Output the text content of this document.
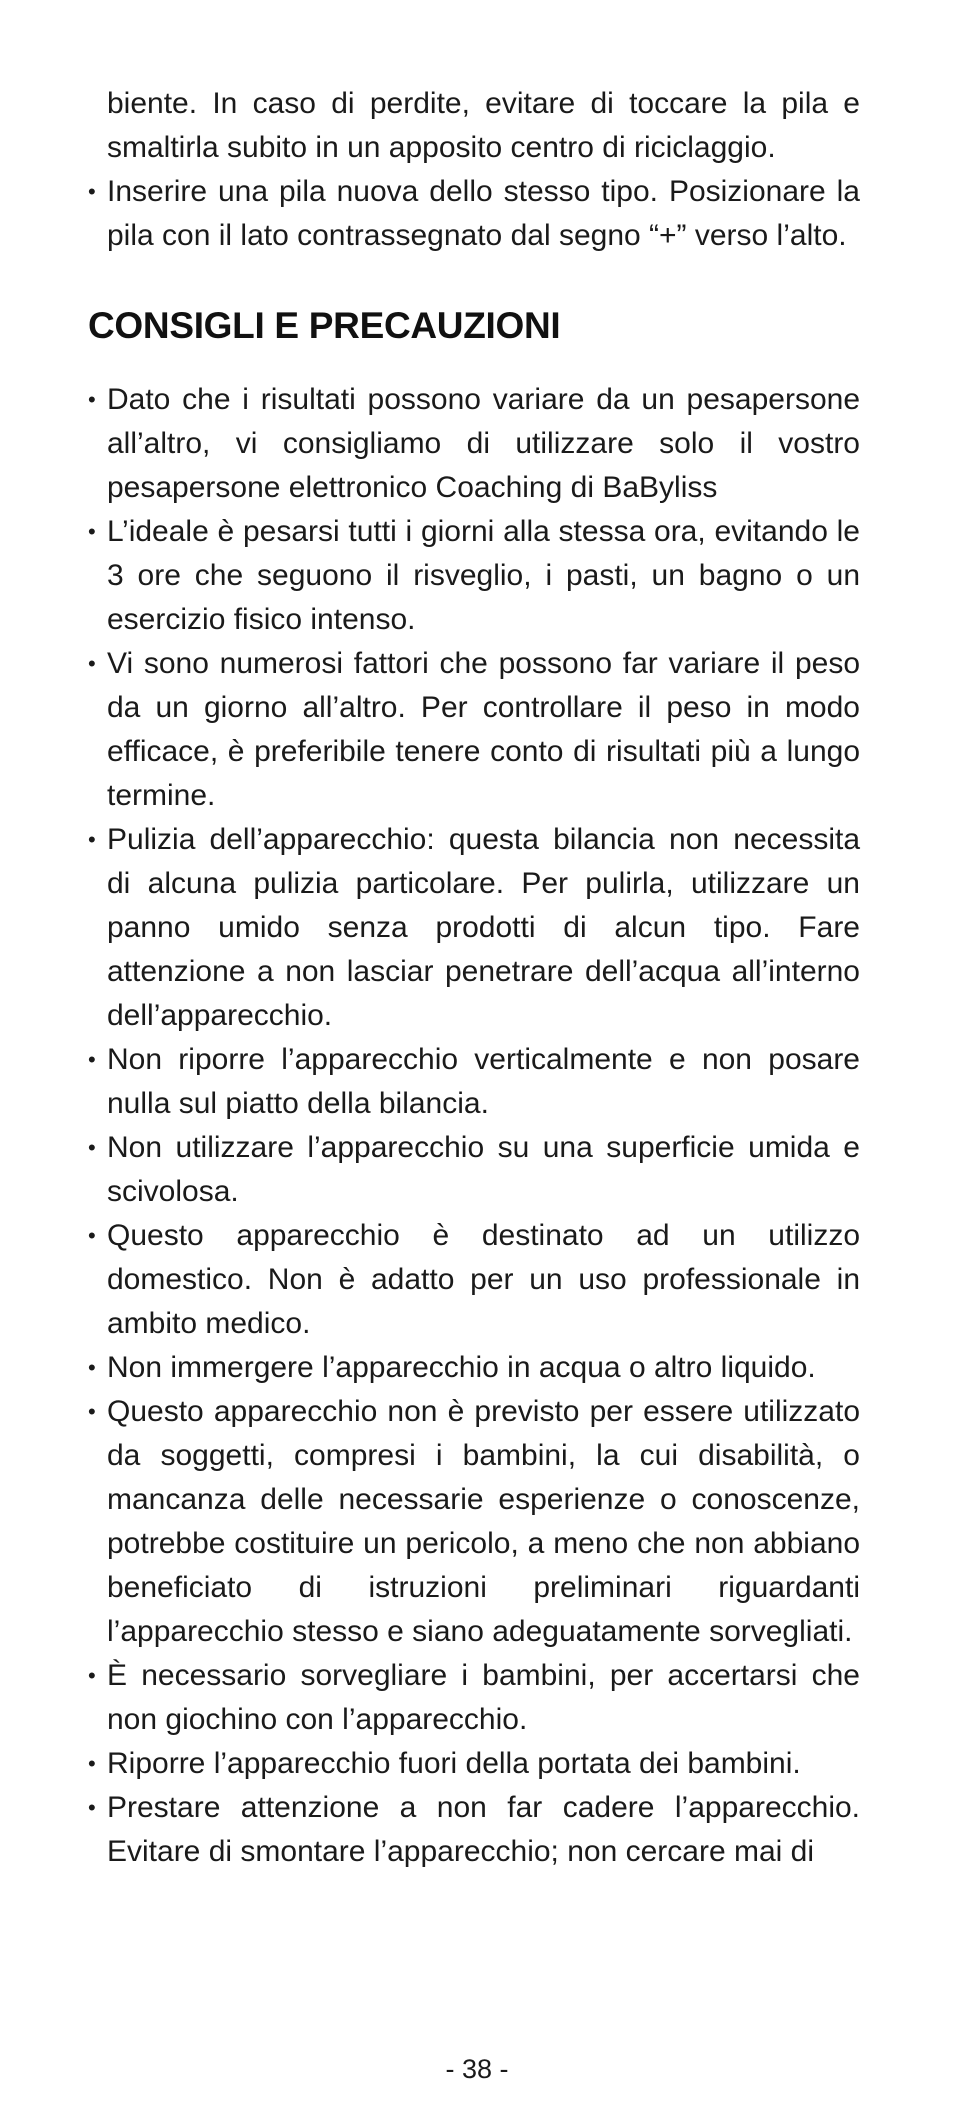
biente. In caso di perdite, evitare di toccare la pila e smaltirla subito in un apposito centro di riciclaggio.
• Inserire una pila nuova dello stesso tipo. Posizionare la pila con il lato contrassegnato dal segno “+” verso l’alto.
CONSIGLI E PRECAUZIONI
• Dato che i risultati possono variare da un pesapersone all’altro, vi consigliamo di utilizzare solo il vostro pesapersone elettronico Coaching di BaByliss
• L’ideale è pesarsi tutti i giorni alla stessa ora, evitando le 3 ore che seguono il risveglio, i pasti, un bagno o un esercizio fisico intenso.
• Vi sono numerosi fattori che possono far variare il peso da un giorno all’altro. Per controllare il peso in modo efficace, è preferibile tenere conto di risultati più a lungo termine.
• Pulizia dell’apparecchio: questa bilancia non necessita di alcuna pulizia particolare. Per pulirla, utilizzare un panno umido senza prodotti di alcun tipo. Fare attenzione a non lasciar penetrare dell’acqua all’interno dell’apparecchio.
• Non riporre l’apparecchio verticalmente e non posare nulla sul piatto della bilancia.
• Non utilizzare l’apparecchio su una superficie umida e scivolosa.
• Questo apparecchio è destinato ad un utilizzo domestico. Non è adatto per un uso professionale in ambito medico.
• Non immergere l’apparecchio in acqua o altro liquido.
• Questo apparecchio non è previsto per essere utilizzato da soggetti, compresi i bambini, la cui disabilità, o mancanza delle necessarie esperienze o conoscenze, potrebbe costituire un pericolo, a meno che non abbiano beneficiato di istruzioni preliminari riguardanti l’apparecchio stesso e siano adeguatamente sorvegliati.
• È necessario sorvegliare i bambini, per accertarsi che non giochino con l’apparecchio.
• Riporre l’apparecchio fuori della portata dei bambini.
• Prestare attenzione a non far cadere l’apparecchio. Evitare di smontare l’apparecchio; non cercare mai di
- 38 -
